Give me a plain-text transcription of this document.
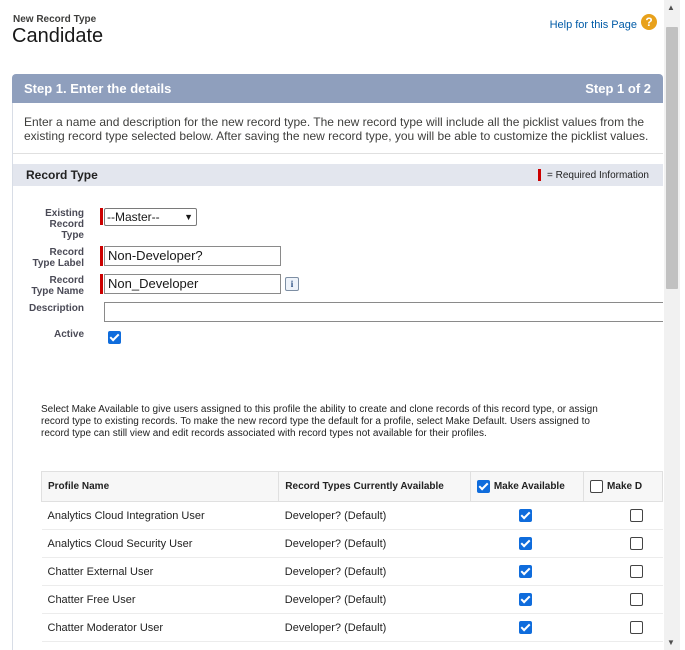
New Record Type
Candidate	Help for this Page ?
Step 1. Enter the details	Step 1 of 2
Enter a name and description for the new record type. The new record type will include all the picklist values from the existing record type selected below. After saving the new record type, you will be able to customize the picklist values.
Record Type	= Required Information
Existing
Record
Type
--Master--	▼
Record
Type Label
Non-Developer?
Record
Type Name
Non_Developer	i
Description
Active
Select Make Available to give users assigned to this profile the ability to create and clone records of this record type, or assign
record type to existing records. To make the new record type the default for a profile, select Make Default. Users assigned to
record type can still view and edit records associated with record types not available for their profiles.
Profile Name	Record Types Currently Available	Make Available	Make D

Analytics Cloud Integration User	Developer? (Default)	

Analytics Cloud Security User	Developer? (Default)	

Chatter External User	Developer? (Default)	

Chatter Free User	Developer? (Default)	

Chatter Moderator User	Developer? (Default)	

▲
▼
